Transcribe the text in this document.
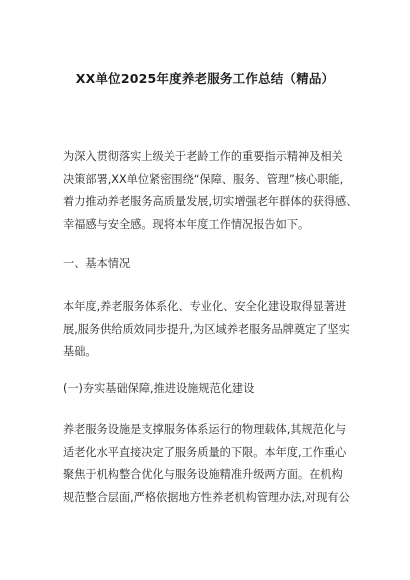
XX单位2025年度养老服务工作总结（精品）
为深入贯彻落实上级关于老龄工作的重要指示精神及相关
决策部署,XX单位紧密围绕“保障、服务、管理”核心职能,
着力推动养老服务高质量发展,切实增强老年群体的获得感、
幸福感与安全感。现将本年度工作情况报告如下。
一、基本情况
本年度,养老服务体系化、专业化、安全化建设取得显著进
展,服务供给质效同步提升,为区域养老服务品牌奠定了坚实
基础。
(一)夯实基础保障,推进设施规范化建设
养老服务设施是支撑服务体系运行的物理载体,其规范化与
适老化水平直接决定了服务质量的下限。本年度,工作重心
聚焦于机构整合优化与服务设施精准升级两方面。在机构
规范整合层面,严格依据地方性养老机构管理办法,对现有公
